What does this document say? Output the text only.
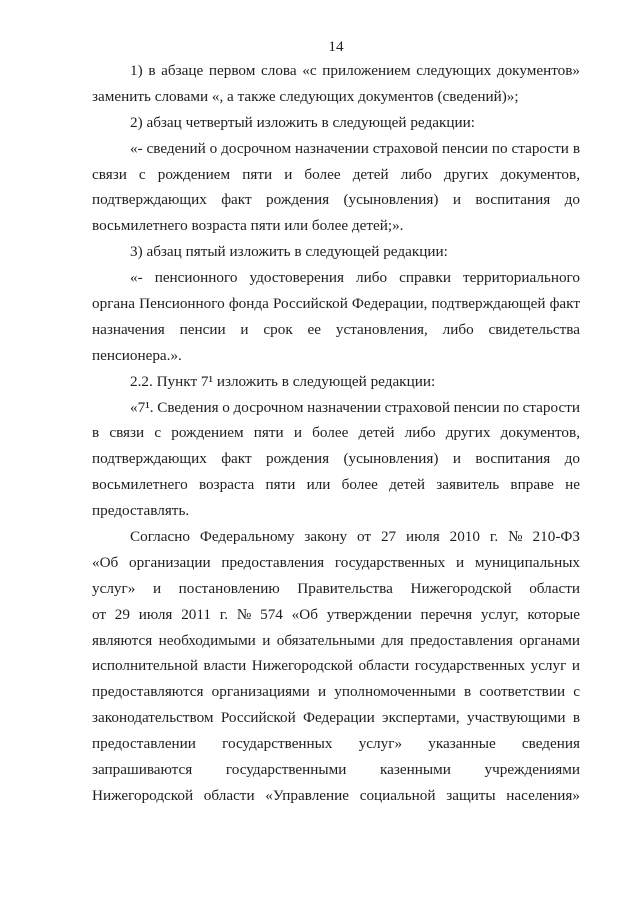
14
1) в абзаце первом слова «с приложением следующих документов»
заменить словами «, а также следующих документов (сведений)»;
2) абзац четвертый изложить в следующей редакции:
«- сведений о досрочном назначении страховой пенсии по старости в
связи с рождением пяти и более детей либо других документов,
подтверждающих факт рождения (усыновления) и воспитания до
восьмилетнего возраста пяти или более детей;».
3) абзац пятый изложить в следующей редакции:
«- пенсионного удостоверения либо справки территориального
органа Пенсионного фонда Российской Федерации, подтверждающей факт
назначения пенсии и срок ее установления, либо свидетельства
пенсионера.».
2.2. Пункт 7¹ изложить в следующей редакции:
«7¹. Сведения о досрочном назначении страховой пенсии по старости
в связи с рождением пяти и более детей либо других документов,
подтверждающих факт рождения (усыновления) и воспитания до
восьмилетнего возраста пяти или более детей заявитель вправе не
предоставлять.
Согласно Федеральному закону от 27 июля 2010 г. № 210-ФЗ
«Об организации предоставления государственных и муниципальных
услуг» и постановлению Правительства Нижегородской области
от 29 июля 2011 г. № 574 «Об утверждении перечня услуг, которые
являются необходимыми и обязательными для предоставления органами
исполнительной власти Нижегородской области государственных услуг и
предоставляются организациями и уполномоченными в соответствии с
законодательством Российской Федерации экспертами, участвующими в
предоставлении государственных услуг» указанные сведения
запрашиваются государственными казенными учреждениями
Нижегородской области «Управление социальной защиты населения»
